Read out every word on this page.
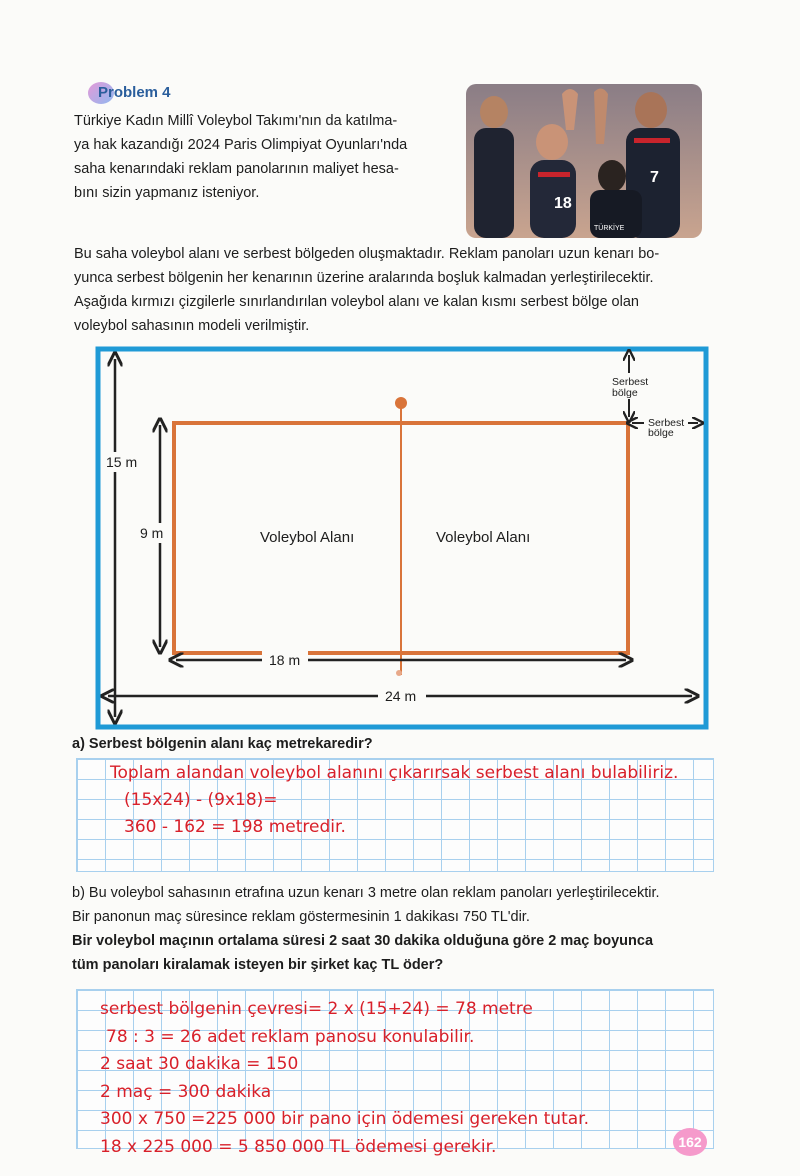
Problem 4
Türkiye Kadın Millî Voleybol Takımı'nın da katılma-
ya hak kazandığı 2024 Paris Olimpiyat Oyunları'nda
saha kenarındaki reklam panolarının maliyet hesa-
bını sizin yapmanız isteniyor.
18
7
TÜRKİYE
Bu saha voleybol alanı ve serbest bölgeden oluşmaktadır. Reklam panoları uzun kenarı bo-
yunca serbest bölgenin her kenarının üzerine aralarında boşluk kalmadan yerleştirilecektir.
Aşağıda kırmızı çizgilerle sınırlandırılan voleybol alanı ve kalan kısmı serbest bölge olan
voleybol sahasının modeli verilmiştir.
15 m
9 m
18 m
24 m
Voleybol Alanı	Voleybol Alanı
Serbest
bölge
Serbest
bölge
a) Serbest bölgenin alanı kaç metrekaredir?
Toplam alandan voleybol alanını çıkarırsak serbest alanı bulabiliriz.
(15x24) - (9x18)=
360 - 162 = 198 metredir.
b) Bu voleybol sahasının etrafına uzun kenarı 3 metre olan reklam panoları yerleştirilecektir.
Bir panonun maç süresince reklam göstermesinin 1 dakikası 750 TL'dir.
Bir voleybol maçının ortalama süresi 2 saat 30 dakika olduğuna göre 2 maç boyunca
tüm panoları kiralamak isteyen bir şirket kaç TL öder?
serbest bölgenin çevresi= 2 x (15+24) = 78 metre
78 : 3 = 26 adet reklam panosu konulabilir.
2 saat 30 dakika = 150
2 maç = 300 dakika
300 x 750 =225 000 bir pano için ödemesi gereken tutar.
18 x 225 000 = 5 850 000 TL ödemesi gerekir.	162
